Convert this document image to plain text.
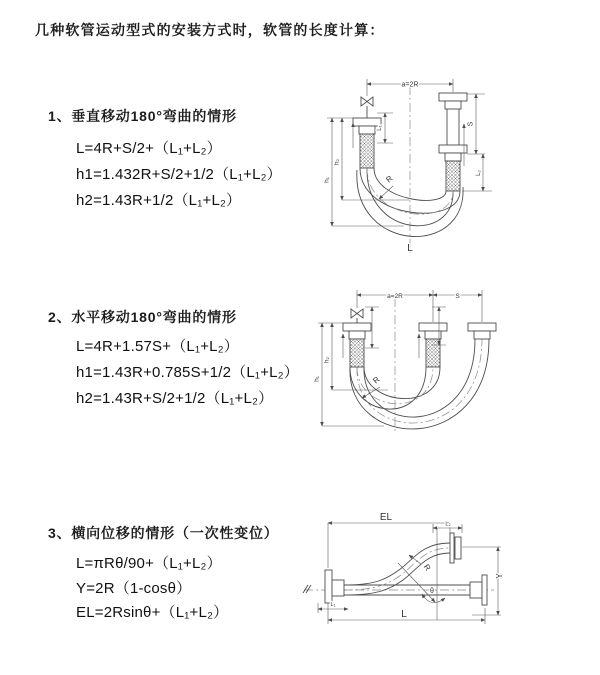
几种软管运动型式的安装方式时，软管的长度计算：
1、垂直移动180°弯曲的情形
L=4R+S/2+（L₁+L₂）
h1=1.432R+S/2+1/2（L₁+L₂）
h2=1.43R+1/2（L₁+L₂）
a=2R
L₁
S
L₂
h₂
h₁	R
L
2、水平移动180°弯曲的情形
L=4R+1.57S+（L₁+L₂）
h1=1.43R+0.785S+1/2（L₁+L₂）
h2=1.43R+S/2+1/2（L₁+L₂）
a=2R	S
h₂
h₁	R
3、横向位移的情形（一次性变位）
L=πRθ/90+（L₁+L₂）
Y=2R（1-cosθ）
EL=2Rsinθ+（L₁+L₂）
EL
L₂
Y
R
θ
L₁
L
